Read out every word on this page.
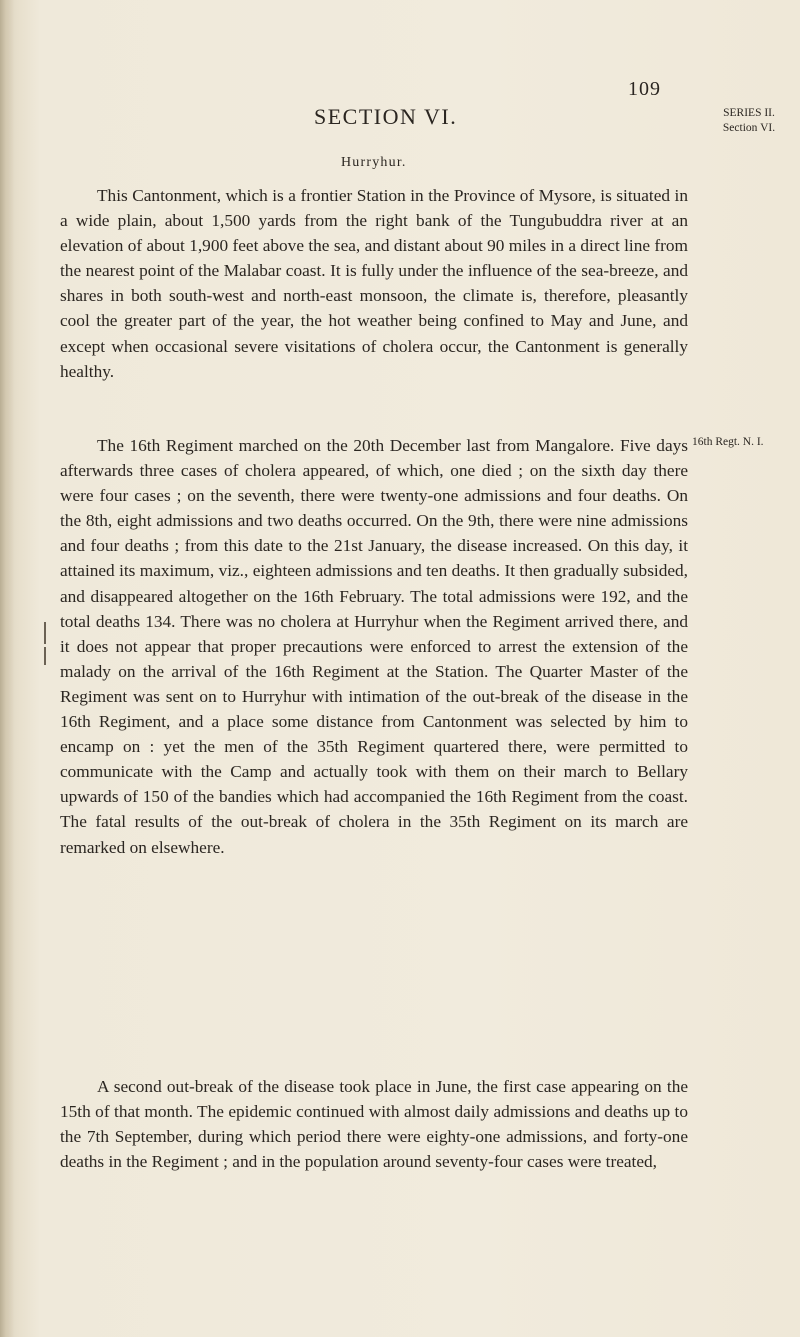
109
SECTION VI.	SERIES II.
Section VI.
Hurryhur.

This Cantonment, which is a frontier Station in the Province of Mysore, is situated in a wide plain, about 1,500 yards from the right bank of the Tungubuddra river at an elevation of about 1,900 feet above the sea, and distant about 90 miles in a direct line from the nearest point of the Malabar coast. It is fully under the influence of the sea-breeze, and shares in both south-west and north-east monsoon, the climate is, therefore, pleasantly cool the greater part of the year, the hot weather being confined to May and June, and except when occasional severe visitations of cholera occur, the Cantonment is generally healthy.

16th Regt. N. I.

The 16th Regiment marched on the 20th December last from Mangalore. Five days afterwards three cases of cholera appeared, of which, one died ; on the sixth day there were four cases ; on the seventh, there were twenty-one admissions and four deaths. On the 8th, eight admissions and two deaths occurred. On the 9th, there were nine admissions and four deaths ; from this date to the 21st January, the disease increased. On this day, it attained its maximum, viz., eighteen admissions and ten deaths. It then gradually subsided, and disappeared altogether on the 16th February. The total admissions were 192, and the total deaths 134. There was no cholera at Hurryhur when the Regiment arrived there, and it does not appear that proper precautions were enforced to arrest the extension of the malady on the arrival of the 16th Regiment at the Station. The Quarter Master of the Regiment was sent on to Hurryhur with intimation of the out-break of the disease in the 16th Regiment, and a place some distance from Cantonment was selected by him to encamp on : yet the men of the 35th Regiment quartered there, were permitted to communicate with the Camp and actually took with them on their march to Bellary upwards of 150 of the bandies which had accompanied the 16th Regiment from the coast. The fatal results of the out-break of cholera in the 35th Regiment on its march are remarked on elsewhere.

A second out-break of the disease took place in June, the first case appearing on the 15th of that month. The epidemic continued with almost daily admissions and deaths up to the 7th September, during which period there were eighty-one admissions, and forty-one deaths in the Regiment ; and in the population around seventy-four cases were treated,
